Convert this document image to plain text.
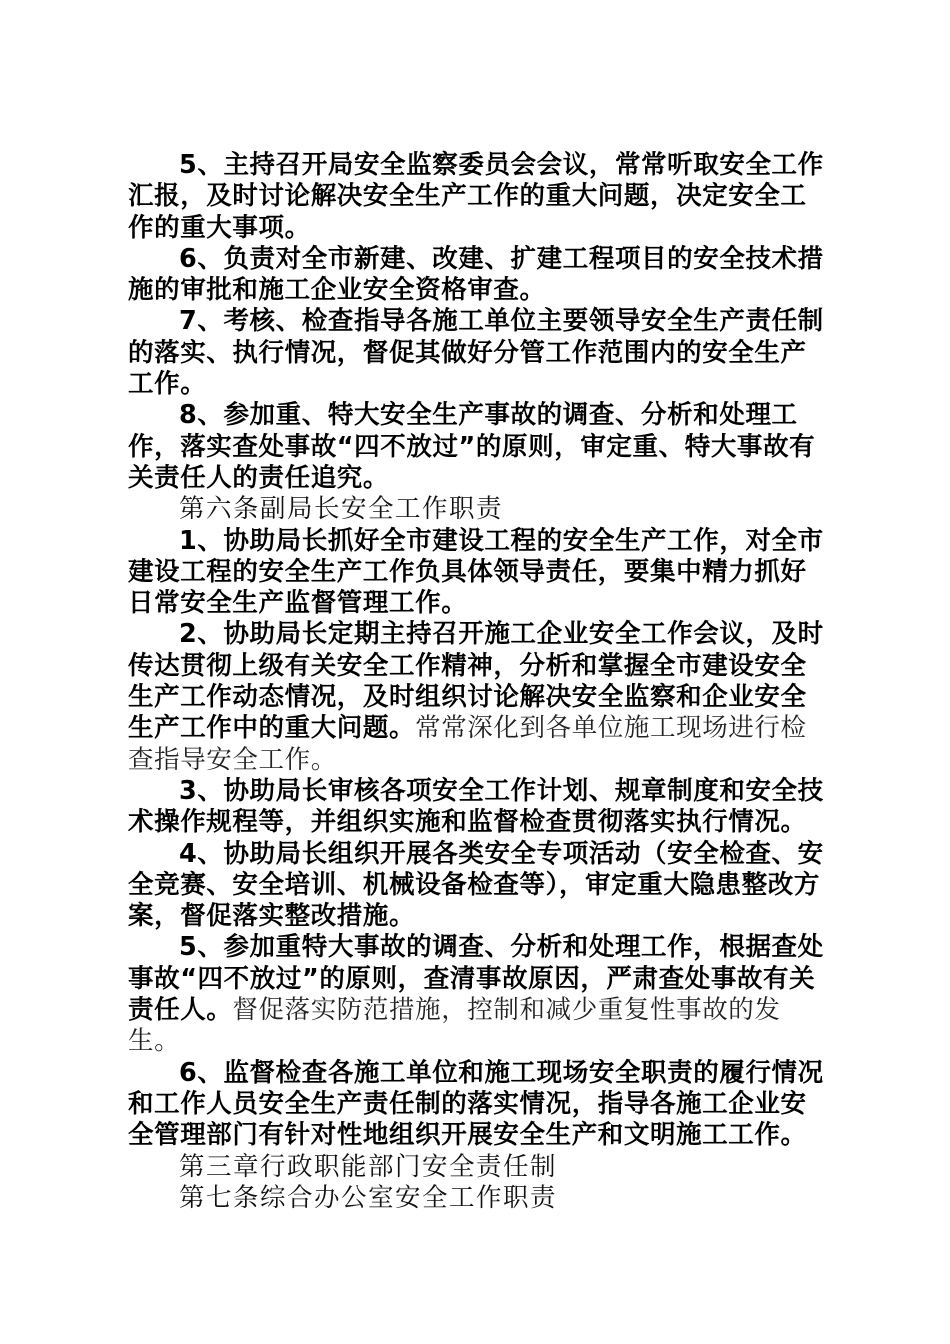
5、主持召开局安全监察委员会会议，常常听取安全工作汇报，及时讨论解决安全生产工作的重大问题，决定安全工作的重大事项。

6、负责对全市新建、改建、扩建工程项目的安全技术措施的审批和施工企业安全资格审查。

7、考核、检查指导各施工单位主要领导安全生产责任制的落实、执行情况，督促其做好分管工作范围内的安全生产工作。

8、参加重、特大安全生产事故的调查、分析和处理工作，落实查处事故“四不放过”的原则，审定重、特大事故有关责任人的责任追究。

第六条副局长安全工作职责

1、协助局长抓好全市建设工程的安全生产工作，对全市建设工程的安全生产工作负具体领导责任，要集中精力抓好日常安全生产监督管理工作。

2、协助局长定期主持召开施工企业安全工作会议，及时传达贯彻上级有关安全工作精神，分析和掌握全市建设安全生产工作动态情况，及时组织讨论解决安全监察和企业安全生产工作中的重大问题。常常深化到各单位施工现场进行检查指导安全工作。

3、协助局长审核各项安全工作计划、规章制度和安全技术操作规程等，并组织实施和监督检查贯彻落实执行情况。

4、协助局长组织开展各类安全专项活动（安全检查、安全竞赛、安全培训、机械设备检查等），审定重大隐患整改方案，督促落实整改措施。

5、参加重特大事故的调查、分析和处理工作，根据查处事故“四不放过”的原则，查清事故原因，严肃查处事故有关责任人。督促落实防范措施，控制和减少重复性事故的发生。

6、监督检查各施工单位和施工现场安全职责的履行情况和工作人员安全生产责任制的落实情况，指导各施工企业安全管理部门有针对性地组织开展安全生产和文明施工工作。

第三章行政职能部门安全责任制

第七条综合办公室安全工作职责
